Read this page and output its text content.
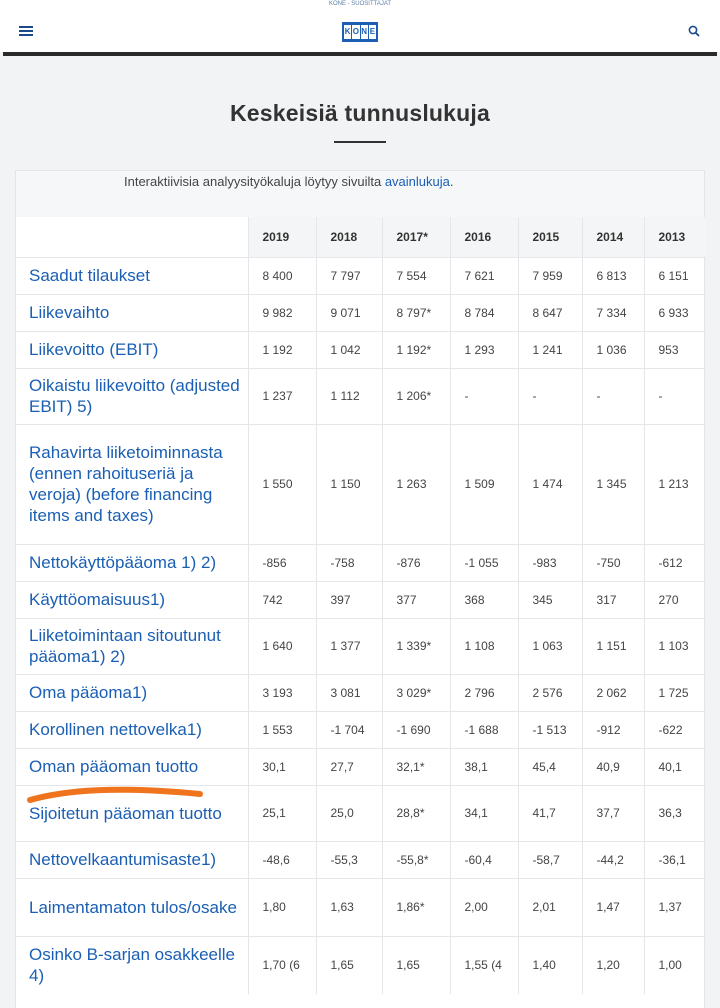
KONE - SUOSITTAJAT
K O N E
Keskeisiä tunnuslukuja
Interaktiivisia analyysityökaluja löytyy sivuilta avainlukuja.
	2019	2018	2017*	2016	2015	2014	2013
Saadut tilaukset	8 400	7 797	7 554	7 621	7 959	6 813	6 151
Liikevaihto	9 982	9 071	8 797*	8 784	8 647	7 334	6 933
Liikevoitto (EBIT)	1 192	1 042	1 192*	1 293	1 241	1 036	953
Oikaistu liikevoitto (adjusted EBIT) 5)	1 237	1 112	1 206*	-	-	-	-
Rahavirta liiketoiminnasta (ennen rahoituseriä ja veroja) (before financing items and taxes)	1 550	1 150	1 263	1 509	1 474	1 345	1 213
Nettokäyttöpääoma 1) 2)	-856	-758	-876	-1 055	-983	-750	-612
Käyttöomaisuus1)	742	397	377	368	345	317	270
Liiketoimintaan sitoutunut pääoma1) 2)	1 640	1 377	1 339*	1 108	1 063	1 151	1 103
Oma pääoma1)	3 193	3 081	3 029*	2 796	2 576	2 062	1 725
Korollinen nettovelka1)	1 553	-1 704	-1 690	-1 688	-1 513	-912	-622
Oman pääoman tuotto	30,1	27,7	32,1*	38,1	45,4	40,9	40,1
Sijoitetun pääoman tuotto	25,1	25,0	28,8*	34,1	41,7	37,7	36,3
Nettovelkaantumisaste1)	-48,6	-55,3	-55,8*	-60,4	-58,7	-44,2	-36,1
Laimentamaton tulos/osake	1,80	1,63	1,86*	2,00	2,01	1,47	1,37
Osinko B-sarjan osakkeelle 4)	1,70 (6	1,65	1,65	1,55 (4	1,40	1,20	1,00
